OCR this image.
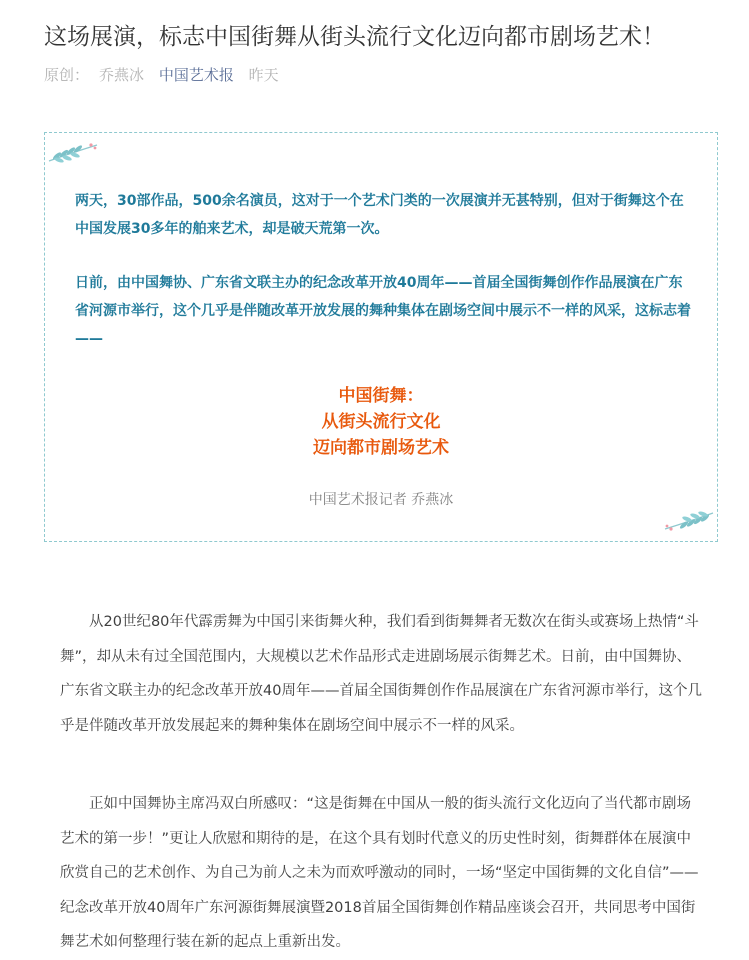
这场展演，标志中国街舞从街头流行文化迈向都市剧场艺术！
原创： 乔燕冰 中国艺术报 昨天

两天，30部作品，500余名演员，这对于一个艺术门类的一次展演并无甚特别，但对于街舞这个在中国发展30多年的舶来艺术，却是破天荒第一次。

日前，由中国舞协、广东省文联主办的纪念改革开放40周年——首届全国街舞创作作品展演在广东省河源市举行，这个几乎是伴随改革开放发展的舞种集体在剧场空间中展示不一样的风采，这标志着——

中国街舞：
从街头流行文化
迈向都市剧场艺术
中国艺术报记者 乔燕冰

从20世纪80年代霹雳舞为中国引来街舞火种，我们看到街舞舞者无数次在街头或赛场上热情“斗舞”，却从未有过全国范围内，大规模以艺术作品形式走进剧场展示街舞艺术。日前，由中国舞协、广东省文联主办的纪念改革开放40周年——首届全国街舞创作作品展演在广东省河源市举行，这个几乎是伴随改革开放发展起来的舞种集体在剧场空间中展示不一样的风采。

正如中国舞协主席冯双白所感叹：“这是街舞在中国从一般的街头流行文化迈向了当代都市剧场艺术的第一步！”更让人欣慰和期待的是，在这个具有划时代意义的历史性时刻，街舞群体在展演中欣赏自己的艺术创作、为自己为前人之未为而欢呼激动的同时，一场“坚定中国街舞的文化自信”——纪念改革开放40周年广东河源街舞展演暨2018首届全国街舞创作精品座谈会召开，共同思考中国街舞艺术如何整理行装在新的起点上重新出发。
